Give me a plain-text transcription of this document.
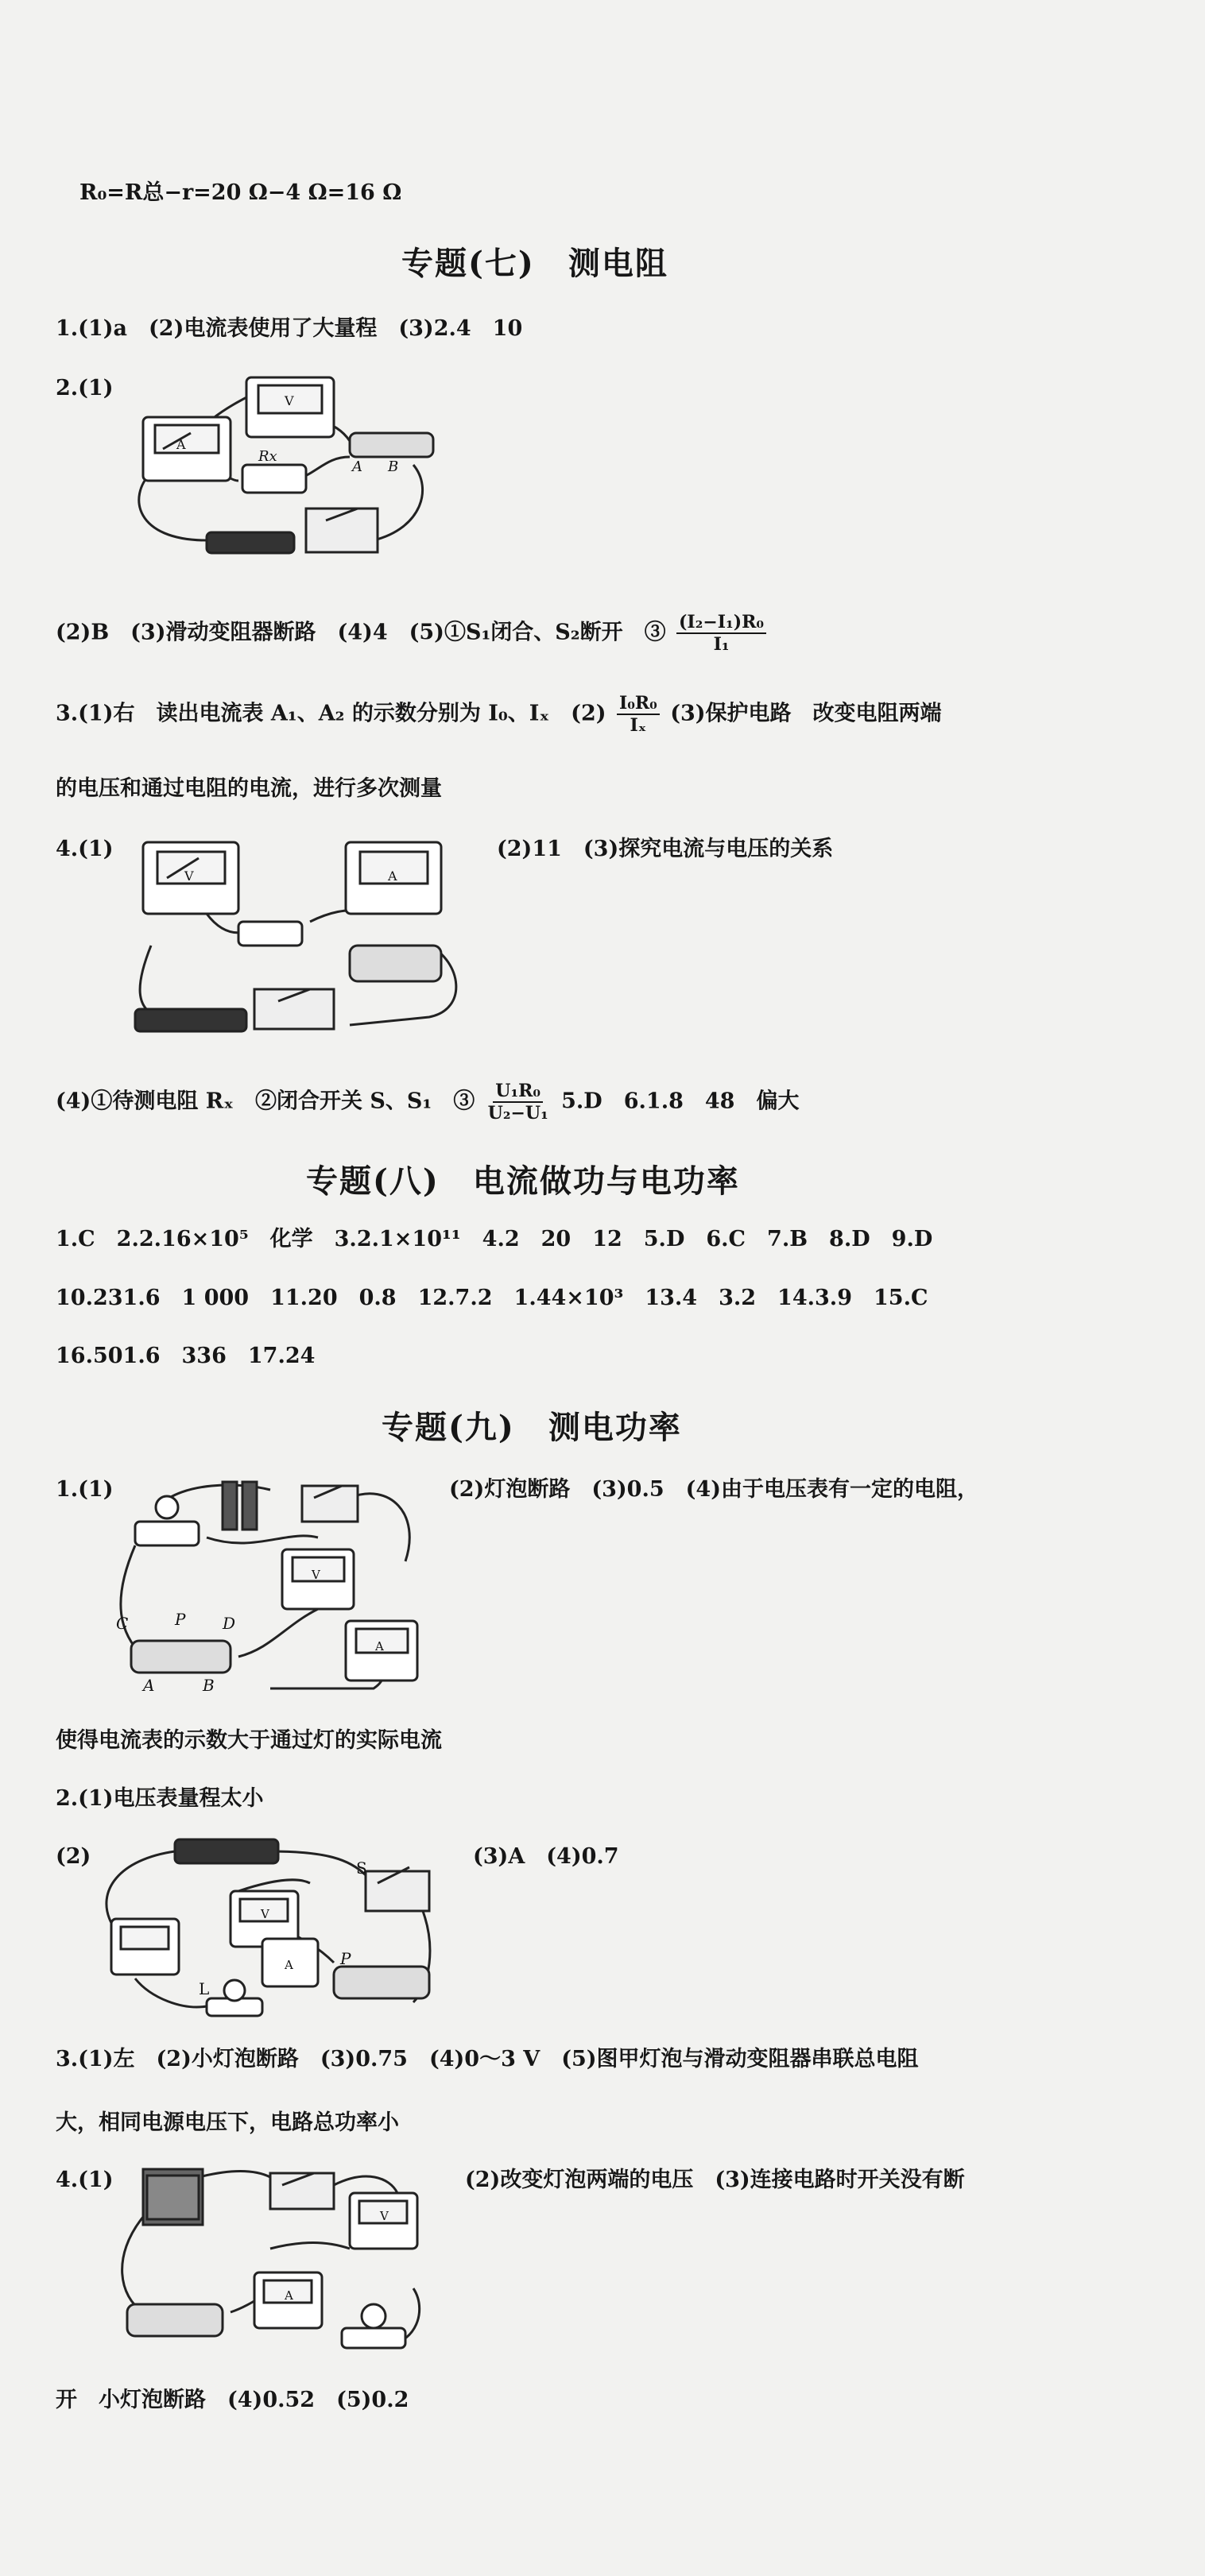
R₀=R总−r=20 Ω−4 Ω=16 Ω
专题(七)　测电阻
1.(1)a　(2)电流表使用了大量程　(3)2.4　10
2.(1)
A
V
Rx
A B
(2)B　(3)滑动变阻器断路　(4)4　(5)①S₁闭合、S₂断开　③ $\frac{\text{(I₂−I₁)R₀}}{\text{I₁}}$
3.(1)右　读出电流表 A₁、A₂ 的示数分别为 I₀、Iₓ　$(2) \frac{\text{I₀R₀}}{\text{Iₓ}} (3)$保护电路　改变电阻两端
的电压和通过电阻的电流，进行多次测量
4.(1)	(2)11　(3)探究电流与电压的关系
V	A
(4)①待测电阻 Rₓ　②闭合开关 S、S₁　③ $\frac{\text{U₁R₀}}{\text{U₂−U₁}} 5.D$　6.1.8　48　偏大
专题(八)　电流做功与电功率
1.C　2.2.16×10⁵　化学　3.2.1×10¹¹　4.2　20　12　5.D　6.C　7.B　8.D　9.D
10.231.6　1 000　11.20　0.8　12.7.2　1.44×10³　13.4　3.2　14.3.9　15.C
16.501.6　336　17.24
专题(九)　测电功率
1.(1)	(2)灯泡断路　(3)0.5　(4)由于电压表有一定的电阻，
V
A
C	P D
A	B
使得电流表的示数大于通过灯的实际电流
2.(1)电压表量程太小
(2)	(3)A　(4)0.7
S
L
P
V
A
3.(1)左　(2)小灯泡断路　(3)0.75　(4)0～3 V　(5)图甲灯泡与滑动变阻器串联总电阻
大，相同电源电压下，电路总功率小
4.(1)	(2)改变灯泡两端的电压　(3)连接电路时开关没有断
V
A
开　小灯泡断路　(4)0.52　(5)0.2
